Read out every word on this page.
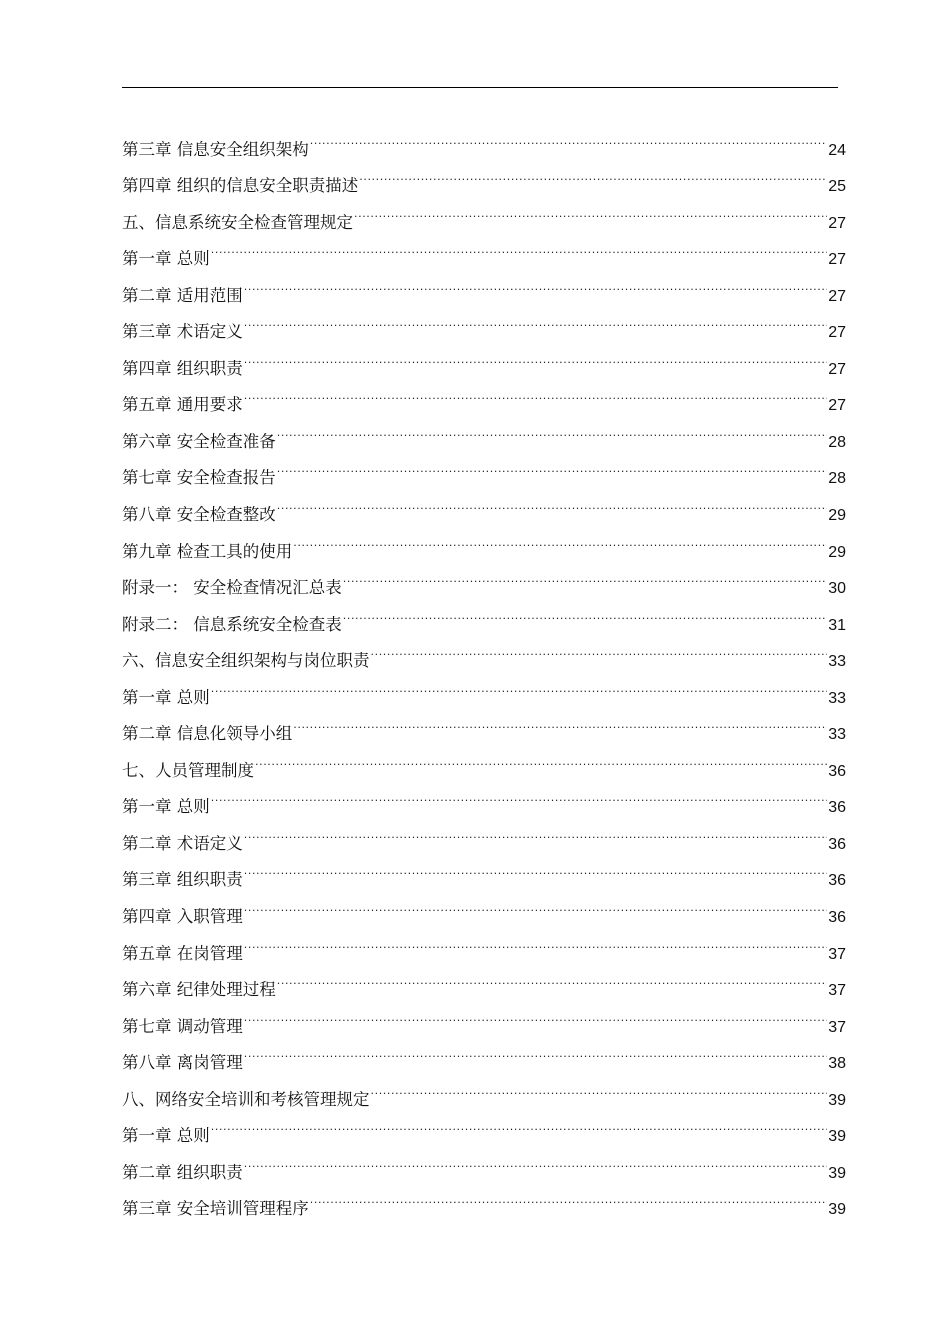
第三章 信息安全组织架构 .....	24
第四章 组织的信息安全职责描述 .....	25
五、信息系统安全检查管理规定 .....	27
第一章 总则 .....	27
第二章 适用范围 .....	27
第三章 术语定义 .....	27
第四章 组织职责 .....	27
第五章 通用要求 .....	27
第六章 安全检查准备 .....	28
第七章 安全检查报告 .....	28
第八章 安全检查整改 .....	29
第九章 检查工具的使用 .....	29
附录一： 安全检查情况汇总表 .....	30
附录二： 信息系统安全检查表 .....	31
六、信息安全组织架构与岗位职责 .....	33
第一章 总则 .....	33
第二章 信息化领导小组 .....	33
七、人员管理制度 .....	36
第一章 总则 .....	36
第二章 术语定义 .....	36
第三章 组织职责 .....	36
第四章 入职管理 .....	36
第五章 在岗管理 .....	37
第六章 纪律处理过程 .....	37
第七章 调动管理 .....	37
第八章 离岗管理 .....	38
八、网络安全培训和考核管理规定 .....	39
第一章 总则 .....	39
第二章 组织职责 .....	39
第三章 安全培训管理程序 .....	39
